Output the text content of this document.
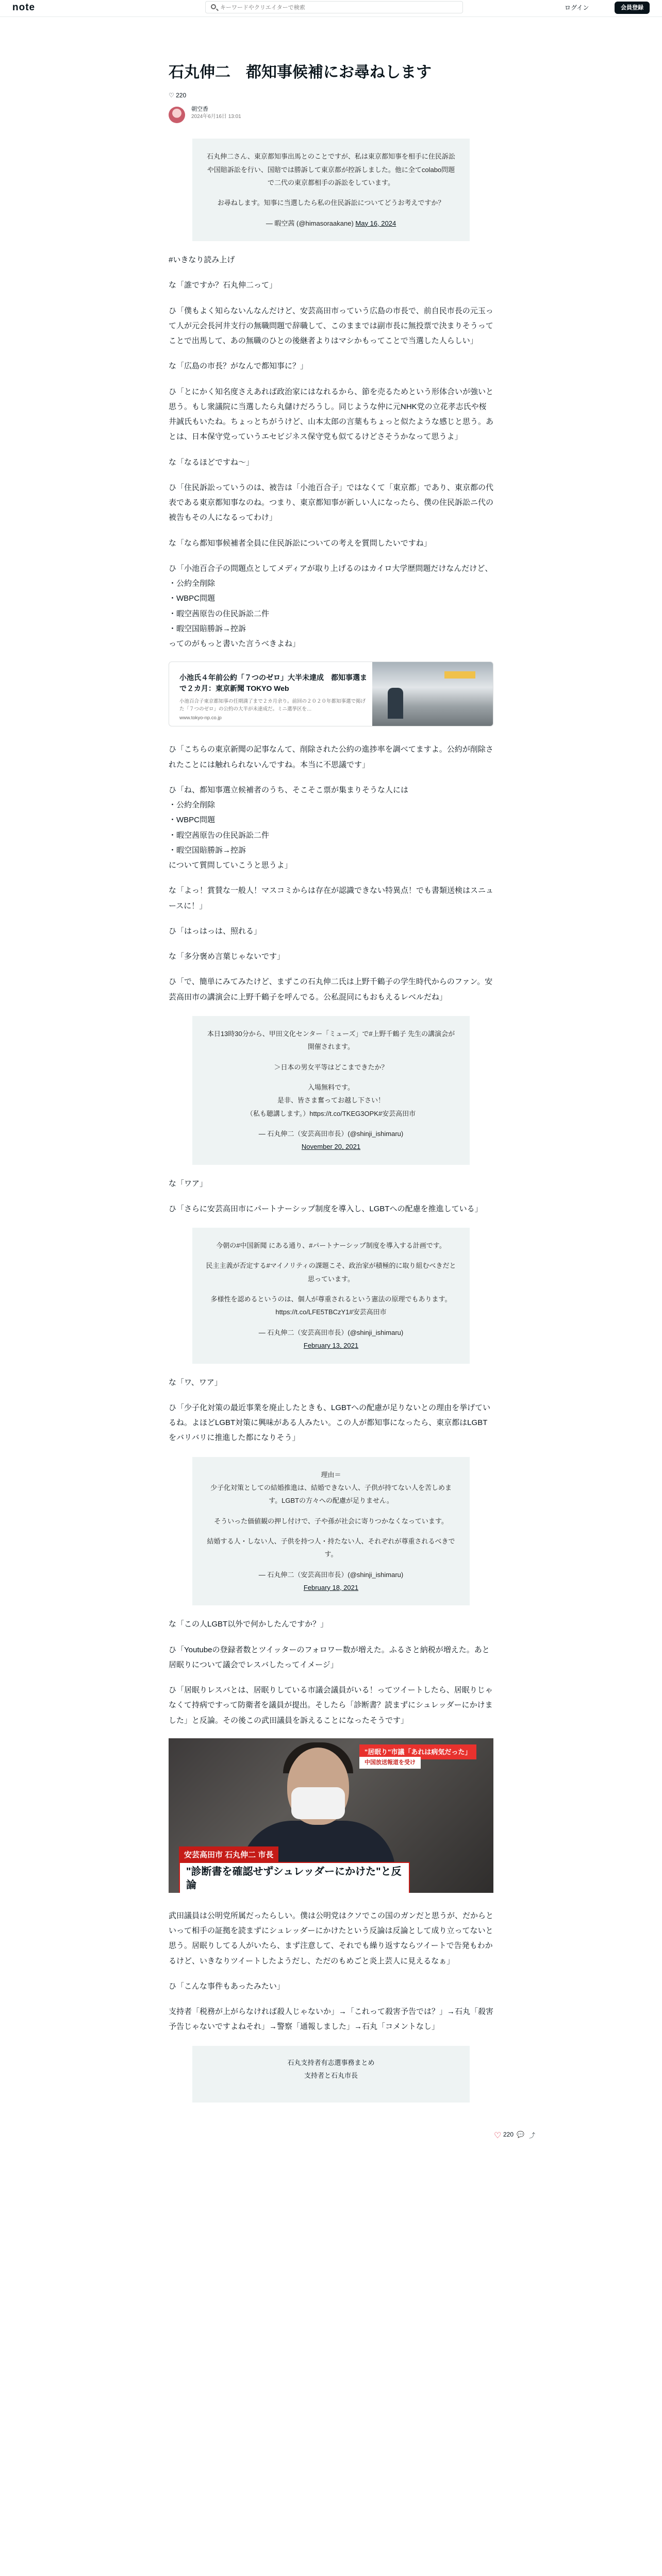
note
キーワードやクリエイターで検索	ログイン	会員登録
石丸伸二　都知事候補にお尋ねします
♡ 220
朝空香
2024年6月16日 13:01

石丸伸二さん、東京都知事出馬とのことですが、私は東京都知事を相手に住民訴訟や国賠訴訟を行い、国賠では勝訴して東京都が控訴しました。他に全てcolabo問題で二代の東京都相手の訴訟をしています。

お尋ねします。知事に当選したら私の住民訴訟についてどうお考えですか？

— 暇空茜 (@himasoraakane) May 16, 2024

#いきなり読み上げ

な「誰ですか？石丸伸二って」

ひ「僕もよく知らないんなんだけど、安芸高田市っていう広島の市長で、前自民市長の元玉って人が元会長河井支行の無職問題で辞職して、このままでは副市長に無投票で決まりそうってことで出馬して、あの無職のひとの後継者よりはマシかもってことで当選した人らしい」

な「広島の市長？がなんで都知事に？」

ひ「とにかく知名度さえあれば政治家にはなれるから、節を売るためという形体合いが強いと思う。もし衆議院に当選したら丸儲けだろうし。同じような仲に元NHK党の立花孝志氏や桜井誠氏もいたね。ちょっとちがうけど、山本太郎の言葉もちょっと似たような感じと思う。あとは、日本保守党っていうエセビジネス保守党も似てるけどさそうかなって思うよ」

な「なるほどですね〜」

ひ「住民訴訟っていうのは、被告は「小池百合子」ではなくて「東京都」であり、東京都の代表である東京都知事なのね。つまり、東京都知事が新しい人になったら、僕の住民訴訟ニ代の被告もその人になるってわけ」

な「なら都知事候補者全員に住民訴訟についての考えを質問したいですね」

ひ「小池百合子の問題点としてメディアが取り上げるのはカイロ大学歴問題だけなんだけど、
・公約全削除
・WBPC問題
・暇空茜原告の住民訴訟二件
・暇空国賠勝訴→控訴
ってのがもっと書いた言うべきよね」

小池氏４年前公約「７つのゼロ」大半未達成　都知事選まで２カ月：東京新聞 TOKYO Web
小池百合子東京都知事の任期満了まで２カ月余り。前回の２０２０年都知事選で掲げた「７つのゼロ」の公約の大半が未達成だ。ミニ選挙区を…
www.tokyo-np.co.jp

ひ「こちらの東京新聞の記事なんて、削除された公約の進捗率を調べてますよ。公約が削除されたことには触れられないんですね。本当に不思議です」

ひ「ね、都知事選立候補者のうち、そこそこ票が集まりそうな人には
・公約全削除
・WBPC問題
・暇空茜原告の住民訴訟二件
・暇空国賠勝訴→控訴
について質問していこうと思うよ」

な「よっ！賞賛な一般人！マスコミからは存在が認識できない特異点！でも書類送検はスニュースに！」

ひ「はっはっは、照れる」

な「多分褒め言葉じゃないです」

ひ「で、簡単にみてみたけど、まずこの石丸伸二氏は上野千鶴子の学生時代からのファン。安芸高田市の講演会に上野千鶴子を呼んでる。公私混同にもおもえるレベルだね」

本日13時30分から、甲田文化センター「ミューズ」で#上野千鶴子 先生の講演会が開催されます。

＞日本の男女平等はどこまできたか？

入場無料です。
是非、皆さま奮ってお越し下さい！
（私も聴講します。）https://t.co/TKEG3OPK#安芸高田市

— 石丸伸二（安芸高田市長）(@shinji_ishimaru)
November 20, 2021

な「ワア」

ひ「さらに安芸高田市にパートナーシップ制度を導入し、LGBTへの配慮を推進している」

今朝の#中国新聞 にある通り、#パートナーシップ制度を導入する計画です。

民主主義が否定する#マイノリティの課題こそ、政治家が積極的に取り組むべきだと思っています。

多様性を認めるというのは、個人が尊重されるという憲法の原理でもあります。https://t.co/LFE5TBCzY1#安芸高田市

— 石丸伸二（安芸高田市長）(@shinji_ishimaru)
February 13, 2021

な「ワ、ワア」

ひ「少子化対策の最近事業を廃止したときも、LGBTへの配慮が足りないとの理由を挙げているね。よほどLGBT対策に興味がある人みたい。この人が都知事になったら、東京都はLGBTをバリバリに推進した都になりそう」

理由＝
少子化対策としての結婚推進は、結婚できない人、子供が持てない人を苦しめます。LGBTの方々への配慮が足りません。

そういった価値観の押し付けで、子や孫が社会に寄りつかなくなっています。

結婚する人・しない人、子供を持つ人・持たない人、それぞれが尊重されるべきです。

— 石丸伸二（安芸高田市長）(@shinji_ishimaru)
February 18, 2021

な「この人LGBT以外で何かしたんですか？」

ひ「Youtubeの登録者数とツイッターのフォロワー数が増えた。ふるさと納税が増えた。あと居眠りについて議会でレスバしたってイメージ」

ひ「居眠りレスバとは、居眠りしている市議会議員がいる！ってツイートしたら、居眠りじゃなくて持病ですって防衛者を議員が提出。そしたら「診断書？読まずにシュレッダーにかけました」と反論。その後この武田議員を訴えることになったそうです」

"居眠り"市議「あれは病気だった」
中国放送報道を受け
安芸高田市 石丸伸二 市長
"診断書を確認せずシュレッダーにかけた"と反論

武田議員は公明党所属だったらしい。僕は公明党はクソでこの国のガンだと思うが、だからといって相手の証拠を読まずにシュレッダーにかけたという反論は反論として成り立ってないと思う。居眠りしてる人がいたら、まず注意して、それでも繰り返すならツイートで告発もわかるけど、いきなりツイートしたようだし、ただのもめごと炎上芸人に見えるなぁ」

ひ「こんな事件もあったみたい」

支持者「税務が上がらなければ殺人じゃないか」→「これって殺害予告では？」→石丸「殺害予告じゃないですよねそれ」→警察「通報しました」→石丸「コメントなし」

石丸支持者有志選事務まとめ
支持者と石丸市長
♡ 220 💬 ⤴
